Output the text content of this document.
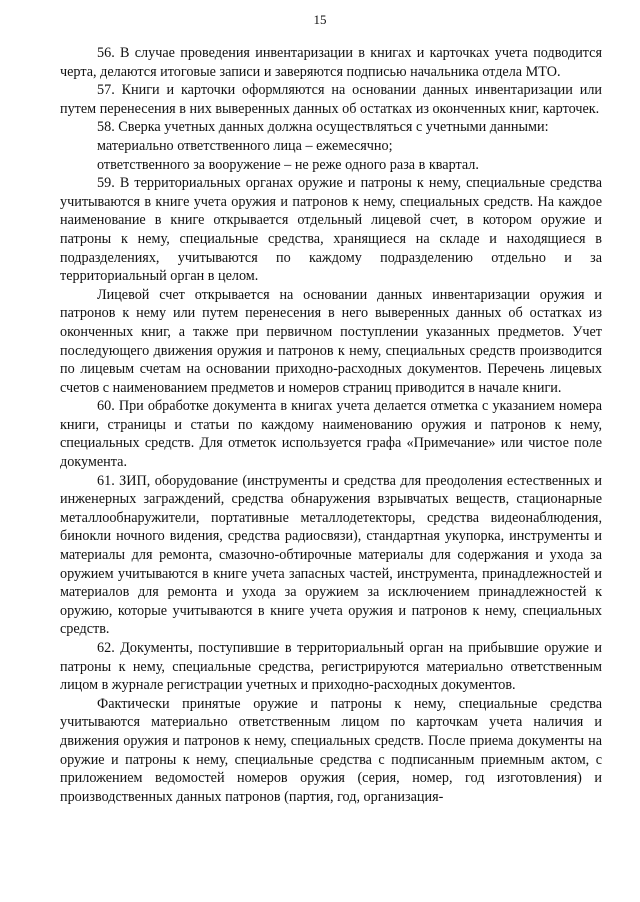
15

56. В случае проведения инвентаризации в книгах и карточках учета подводится черта, делаются итоговые записи и заверяются подписью начальника отдела МТО.

57. Книги и карточки оформляются на основании данных инвентаризации или путем перенесения в них выверенных данных об остатках из оконченных книг, карточек.

58. Сверка учетных данных должна осуществляться с учетными данными:

материально ответственного лица – ежемесячно;

ответственного за вооружение – не реже одного раза в квартал.

59. В территориальных органах оружие и патроны к нему, специальные средства учитываются в книге учета оружия и патронов к нему, специальных средств. На каждое наименование в книге открывается отдельный лицевой счет, в котором оружие и патроны к нему, специальные средства, хранящиеся на складе и находящиеся в подразделениях, учитываются по каждому подразделению отдельно и за территориальный орган в целом.

Лицевой счет открывается на основании данных инвентаризации оружия и патронов к нему или путем перенесения в него выверенных данных об остатках из оконченных книг, а также при первичном поступлении указанных предметов. Учет последующего движения оружия и патронов к нему, специальных средств производится по лицевым счетам на основании приходно-расходных документов. Перечень лицевых счетов с наименованием предметов и номеров страниц приводится в начале книги.

60. При обработке документа в книгах учета делается отметка с указанием номера книги, страницы и статьи по каждому наименованию оружия и патронов к нему, специальных средств. Для отметок используется графа «Примечание» или чистое поле документа.

61. ЗИП, оборудование (инструменты и средства для преодоления естественных и инженерных заграждений, средства обнаружения взрывчатых веществ, стационарные металлообнаружители, портативные металлодетекторы, средства видеонаблюдения, бинокли ночного видения, средства радиосвязи), стандартная укупорка, инструменты и материалы для ремонта, смазочно-обтирочные материалы для содержания и ухода за оружием учитываются в книге учета запасных частей, инструмента, принадлежностей и материалов для ремонта и ухода за оружием за исключением принадлежностей к оружию, которые учитываются в книге учета оружия и патронов к нему, специальных средств.

62. Документы, поступившие в территориальный орган на прибывшие оружие и патроны к нему, специальные средства, регистрируются материально ответственным лицом в журнале регистрации учетных и приходно-расходных документов.

Фактически принятые оружие и патроны к нему, специальные средства учитываются материально ответственным лицом по карточкам учета наличия и движения оружия и патронов к нему, специальных средств. После приема документы на оружие и патроны к нему, специальные средства с подписанным приемным актом, с приложением ведомостей номеров оружия (серия, номер, год изготовления) и производственных данных патронов (партия, год, организация-
